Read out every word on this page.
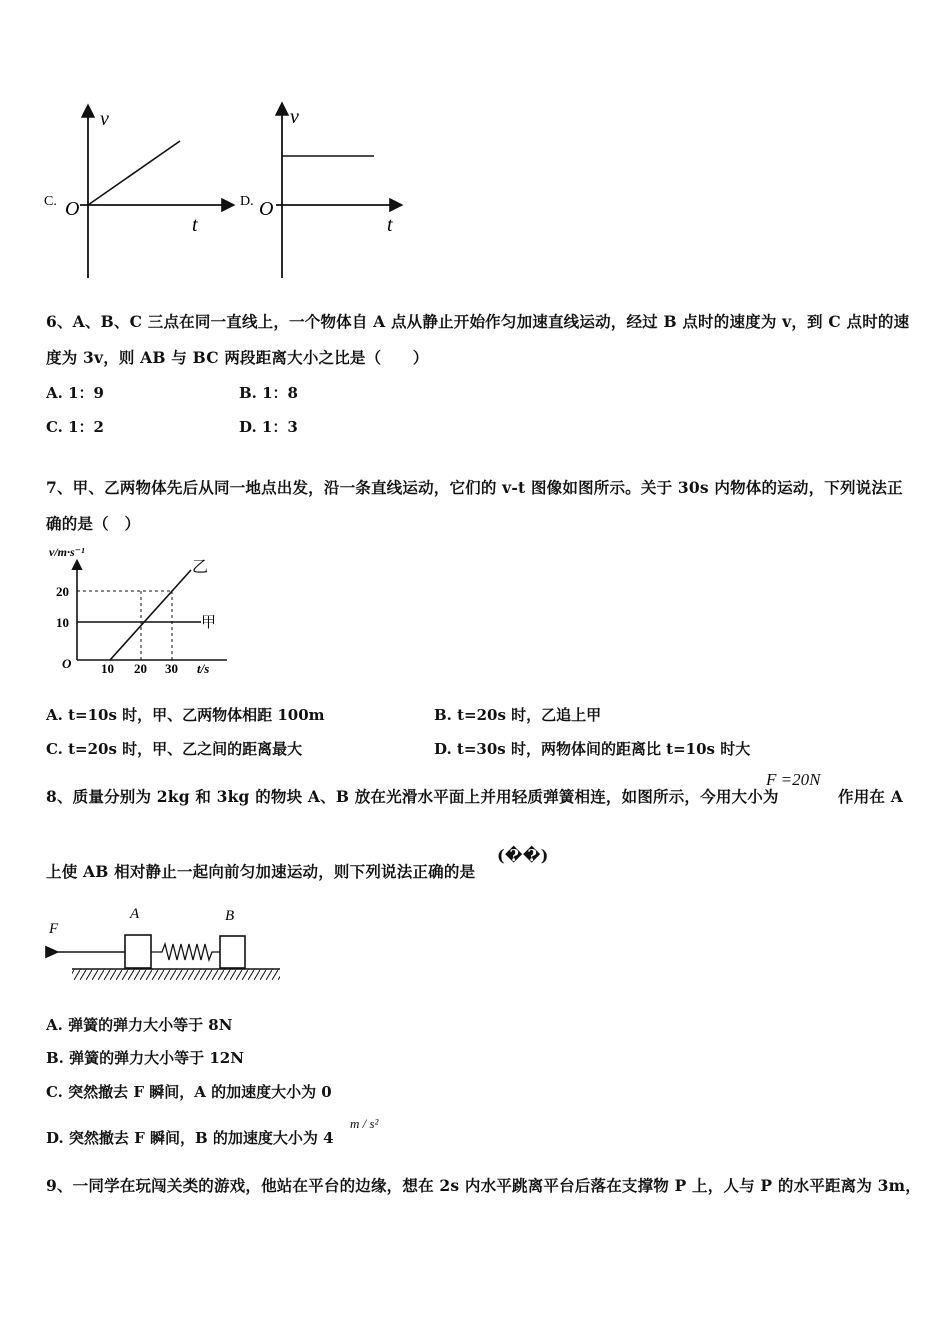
C.
v
O
t
D.
v
O
t
6、A、B、C 三点在同一直线上，一个物体自 A 点从静止开始作匀加速直线运动，经过 B 点时的速度为 v，到 C 点时的速
度为 3v，则 AB 与 BC 两段距离大小之比是（　　）
A. 1：9	B. 1：8
C. 1：2	D. 1：3
7、甲、乙两物体先后从同一地点出发，沿一条直线运动，它们的 v-t 图像如图所示。关于 30s 内物体的运动，下列说法正
确的是（　）
v/m·s⁻¹
20
10
O 10 20 30 t/s
乙
甲
A. t=10s 时，甲、乙两物体相距 100m	B. t=20s 时，乙追上甲
C. t=20s 时，甲、乙之间的距离最大	D. t=30s 时，两物体间的距离比 t=10s 时大
8、质量分别为 2kg 和 3kg 的物块 A、B 放在光滑水平面上并用轻质弹簧相连，如图所示，今用大小为
F =20N
作用在 A
上使 AB 相对静止一起向前匀加速运动，则下列说法正确的是
(��)
F
A	B
A. 弹簧的弹力大小等于 8N
B. 弹簧的弹力大小等于 12N
C. 突然撤去 F 瞬间，A 的加速度大小为 0
D. 突然撤去 F 瞬间，B 的加速度大小为 4
m / s²
9、一同学在玩闯关类的游戏，他站在平台的边缘，想在 2s 内水平跳离平台后落在支撑物 P 上，人与 P 的水平距离为 3m，
